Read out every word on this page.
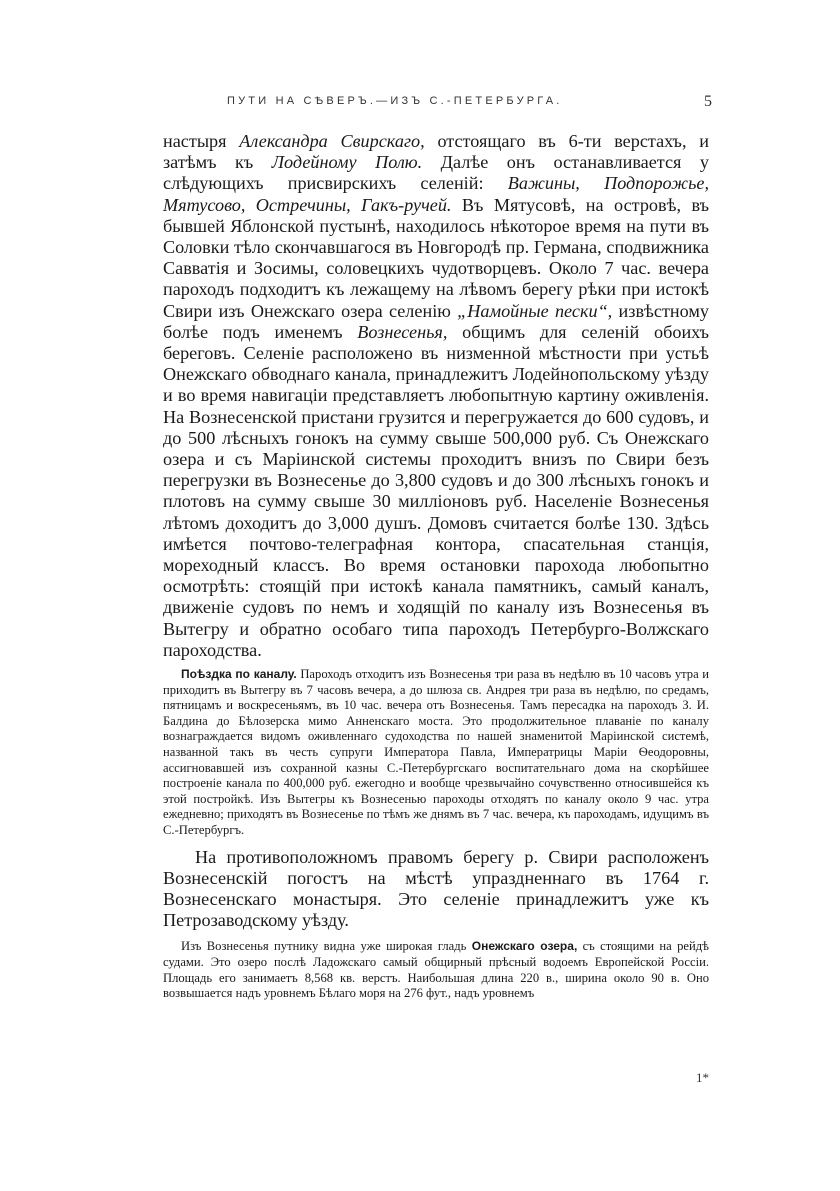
ПУТИ НА СѢВЕРЪ.—ИЗЪ С.-ПЕТЕРБУРГА.	5

настыря Александра Свирскаго, отстоящаго въ 6-ти верстахъ, и затѣмъ къ Лодейному Полю. Далѣе онъ останавливается у слѣдующихъ присвирскихъ селеній: Важины, Подпорожье, Мятусово, Остречины, Гакъ-ручей. Въ Мятусовѣ, на островѣ, въ бывшей Яблонской пустынѣ, находилось нѣкоторое время на пути въ Соловки тѣло скончавшагося въ Новгородѣ пр. Германа, сподвижника Савватія и Зосимы, соловецкихъ чудотворцевъ. Около 7 час. вечера пароходъ подходитъ къ лежащему на лѣвомъ берегу рѣки при истокѣ Свири изъ Онежскаго озера селенію „Намойные пески“, извѣстному болѣе подъ именемъ Вознесенья, общимъ для селеній обоихъ береговъ. Селеніе расположено въ низменной мѣстности при устьѣ Онежскаго обводнаго канала, принадлежитъ Лодейнопольскому уѣзду и во время навигаціи представляетъ любопытную картину оживленія. На Вознесенской пристани грузится и перегружается до 600 судовъ, и до 500 лѣсныхъ гонокъ на сумму свыше 500,000 руб. Съ Онежскаго озера и съ Маріинской системы проходитъ внизъ по Свири безъ перегрузки въ Вознесенье до 3,800 судовъ и до 300 лѣсныхъ гонокъ и плотовъ на сумму свыше 30 милліоновъ руб. Населеніе Вознесенья лѣтомъ доходитъ до 3,000 душъ. Домовъ считается болѣе 130. Здѣсь имѣется почтово-телеграфная контора, спасательная станція, мореходный классъ. Во время остановки парохода любопытно осмотрѣть: стоящій при истокѣ канала памятникъ, самый каналъ, движеніе судовъ по немъ и ходящій по каналу изъ Вознесенья въ Вытегру и обратно особаго типа пароходъ Петербурго-Волжскаго пароходства.

Поѣздка по каналу. Пароходъ отходитъ изъ Вознесенья три раза въ недѣлю въ 10 часовъ утра и приходитъ въ Вытегру въ 7 часовъ вечера, а до шлюза св. Андрея три раза въ недѣлю, по средамъ, пятницамъ и воскресеньямъ, въ 10 час. вечера отъ Вознесенья. Тамъ пересадка на пароходъ З. И. Балдина до Бѣлозерска мимо Анненскаго моста. Это продолжительное плаваніе по каналу вознаграждается видомъ оживленнаго судоходства по нашей знаменитой Маріинской системѣ, названной такъ въ честь супруги Императора Павла, Императрицы Маріи Ѳеодоровны, ассигновавшей изъ сохранной казны С.-Петербургскаго воспитательнаго дома на скорѣйшее построеніе канала по 400,000 руб. ежегодно и вообще чрезвычайно сочувственно относившейся къ этой постройкѣ. Изъ Вытегры къ Вознесенью пароходы отходятъ по каналу около 9 час. утра ежедневно; приходятъ въ Вознесенье по тѣмъ же днямъ въ 7 час. вечера, къ пароходамъ, идущимъ въ С.-Петербургъ.

На противоположномъ правомъ берегу р. Свири расположенъ Вознесенскій погостъ на мѣстѣ упраздненнаго въ 1764 г. Вознесенскаго монастыря. Это селеніе принадлежитъ уже къ Петрозаводскому уѣзду.

Изъ Вознесенья путнику видна уже широкая гладь Онежскаго озера, съ стоящими на рейдѣ судами. Это озеро послѣ Ладожскаго самый общирный прѣсный водоемъ Европейской Россіи. Площадь его занимаетъ 8,568 кв. верстъ. Наибольшая длина 220 в., ширина около 90 в. Оно возвышается надъ уровнемъ Бѣлаго моря на 276 фут., надъ уровнемъ

1*
